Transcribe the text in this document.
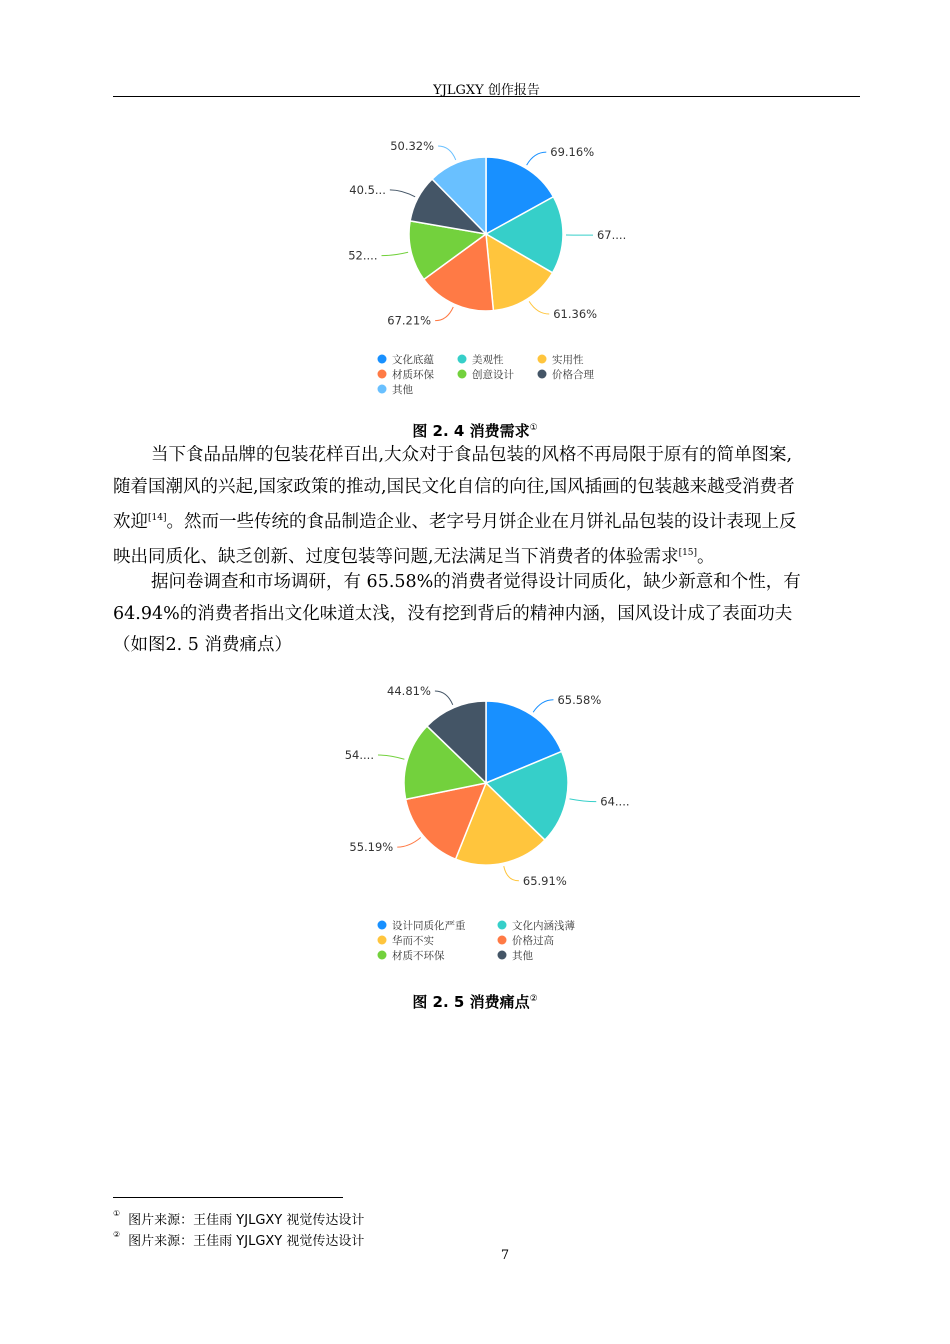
YJLGXY 创作报告
69.16%
67....
61.36%
67.21%
52....
40.5...
50.32%
文化底蕴	美观性	实用性
材质环保	创意设计	价格合理
其他
图 2. 4 消费需求①
当下食品品牌的包装花样百出,大众对于食品包装的风格不再局限于原有的简单图案,
随着国潮风的兴起,国家政策的推动,国民文化自信的向往,国风插画的包装越来越受消费者
欢迎[14]。然而一些传统的食品制造企业、老字号月饼企业在月饼礼品包装的设计表现上反
映出同质化、缺乏创新、过度包装等问题,无法满足当下消费者的体验需求[15]。
据问卷调查和市场调研，有 65.58%的消费者觉得设计同质化，缺少新意和个性，有
64.94%的消费者指出文化味道太浅，没有挖到背后的精神内涵，国风设计成了表面功夫
（如图2. 5 消费痛点）
65.58%
64....
65.91%
55.19%
54....
44.81%
设计同质化严重	文化内涵浅薄
华而不实	价格过高
材质不环保	其他
图 2. 5 消费痛点②
① 图片来源：王佳雨 YJLGXY 视觉传达设计
② 图片来源：王佳雨 YJLGXY 视觉传达设计
7
